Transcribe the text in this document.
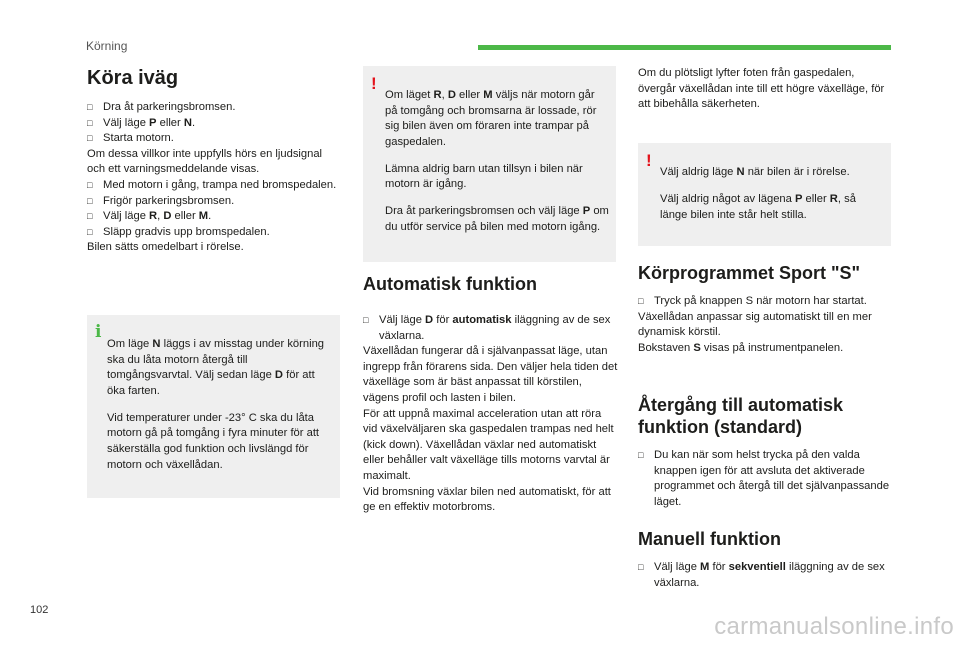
Körning
Köra iväg
□ Dra åt parkeringsbromsen.
□ Välj läge P eller N.
□ Starta motorn.

Om dessa villkor inte uppfylls hörs en ljudsignal och ett varningsmeddelande visas.

□ Med motorn i gång, trampa ned bromspedalen.
□ Frigör parkeringsbromsen.
□ Välj läge R, D eller M.
□ Släpp gradvis upp bromspedalen.

Bilen sätts omedelbart i rörelse.

i

Om läge N läggs i av misstag under körning ska du låta motorn återgå till tomgångsvarvtal. Välj sedan läge D för att öka farten.

Vid temperaturer under -23° C ska du låta motorn gå på tomgång i fyra minuter för att säkerställa god funktion och livslängd för motorn och växellådan.

!

Om läget R, D eller M väljs när motorn går på tomgång och bromsarna är lossade, rör sig bilen även om föraren inte trampar på gaspedalen.

Lämna aldrig barn utan tillsyn i bilen när motorn är igång.

Dra åt parkeringsbromsen och välj läge P om du utför service på bilen med motorn igång.

Automatisk funktion
□ Välj läge D för automatisk iläggning av de sex växlarna.

Växellådan fungerar då i självanpassat läge, utan ingrepp från förarens sida. Den väljer hela tiden det växelläge som är bäst anpassat till körstilen, vägens profil och lasten i bilen.

För att uppnå maximal acceleration utan att röra vid växelväljaren ska gaspedalen trampas ned helt (kick down). Växellådan växlar ned automatiskt eller behåller valt växelläge tills motorns varvtal är maximalt.

Vid bromsning växlar bilen ned automatiskt, för att ge en effektiv motorbroms.

Om du plötsligt lyfter foten från gaspedalen, övergår växellådan inte till ett högre växelläge, för att bibehålla säkerheten.

!

Välj aldrig läge N när bilen är i rörelse.

Välj aldrig något av lägena P eller R, så länge bilen inte står helt stilla.

Körprogrammet Sport "S"
□ Tryck på knappen S när motorn har startat.

Växellådan anpassar sig automatiskt till en mer dynamisk körstil.

Bokstaven S visas på instrumentpanelen.

Återgång till automatisk
funktion (standard)
□ Du kan när som helst trycka på den valda knappen igen för att avsluta det aktiverade programmet och återgå till det självanpassande läget.
Manuell funktion
□ Välj läge M för sekventiell iläggning av de sex växlarna.
102
carmanualsonline.info
